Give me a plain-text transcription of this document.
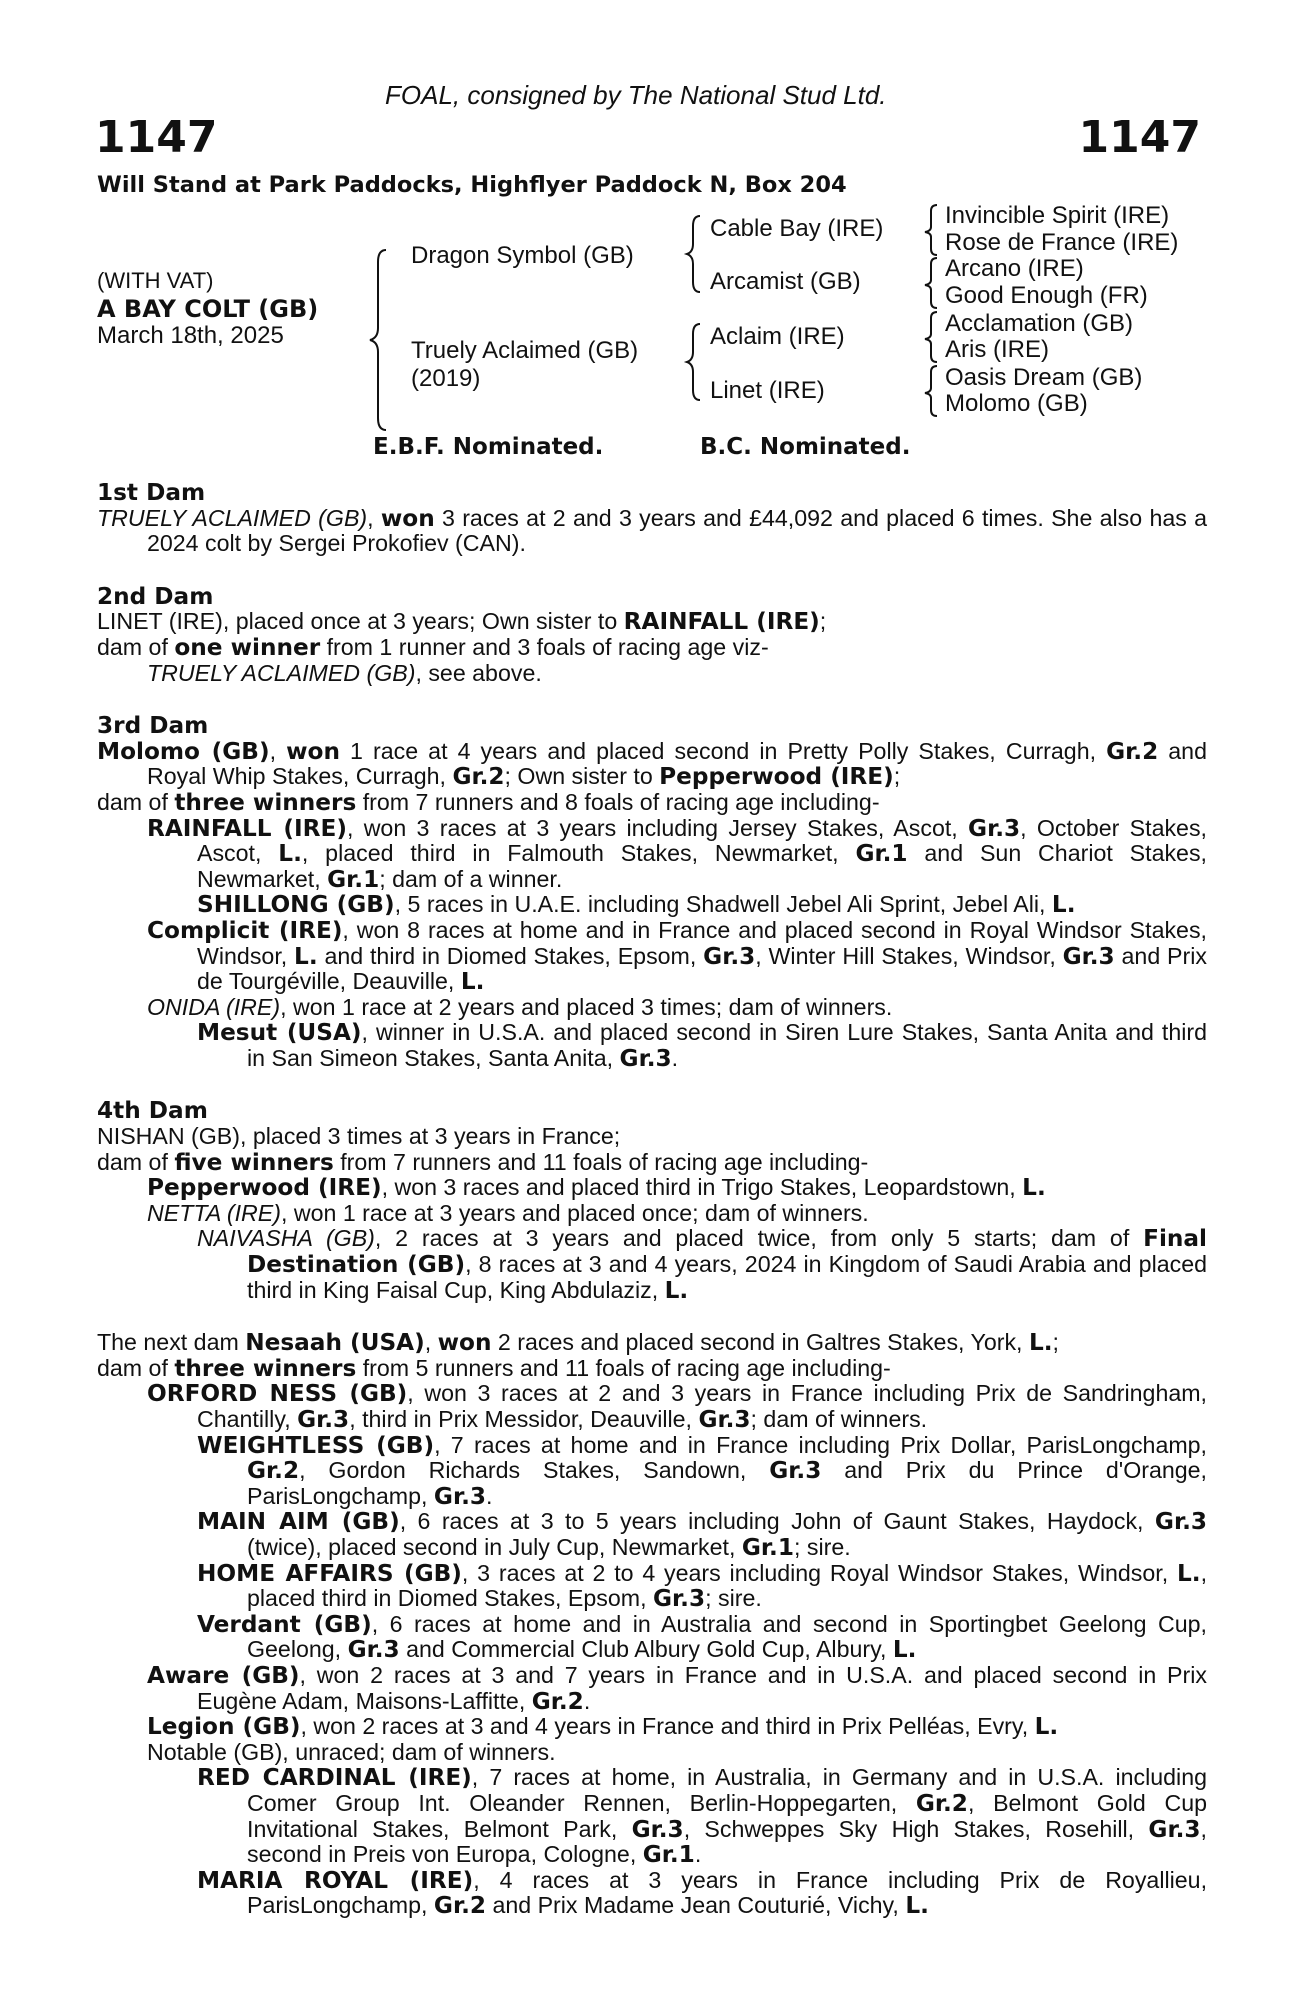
FOAL, consigned by The National Stud Ltd.
1147	1147
Will Stand at Park Paddocks, Highflyer Paddock N, Box 204
(WITH VAT)
A BAY COLT (GB)
March 18th, 2025
Dragon Symbol (GB)
Truely Aclaimed (GB)
(2019)
Cable Bay (IRE)
Arcamist (GB)
Aclaim (IRE)
Linet (IRE)
Invincible Spirit (IRE)
Rose de France (IRE)
Arcano (IRE)
Good Enough (FR)
Acclamation (GB)
Aris (IRE)
Oasis Dream (GB)
Molomo (GB)
E.B.F. Nominated.	B.C. Nominated.
1st Dam
TRUELY ACLAIMED (GB), won 3 races at 2 and 3 years and £44,092 and placed 6 times. She also has a 2024 colt by Sergei Prokofiev (CAN).
2nd Dam
LINET (IRE), placed once at 3 years; Own sister to RAINFALL (IRE);
dam of one winner from 1 runner and 3 foals of racing age viz-
TRUELY ACLAIMED (GB), see above.
3rd Dam
Molomo (GB), won 1 race at 4 years and placed second in Pretty Polly Stakes, Curragh, Gr.2 and Royal Whip Stakes, Curragh, Gr.2; Own sister to Pepperwood (IRE);
dam of three winners from 7 runners and 8 foals of racing age including-
RAINFALL (IRE), won 3 races at 3 years including Jersey Stakes, Ascot, Gr.3, October Stakes, Ascot, L., placed third in Falmouth Stakes, Newmarket, Gr.1 and Sun Chariot Stakes, Newmarket, Gr.1; dam of a winner.
SHILLONG (GB), 5 races in U.A.E. including Shadwell Jebel Ali Sprint, Jebel Ali, L.
Complicit (IRE), won 8 races at home and in France and placed second in Royal Windsor Stakes, Windsor, L. and third in Diomed Stakes, Epsom, Gr.3, Winter Hill Stakes, Windsor, Gr.3 and Prix de Tourgéville, Deauville, L.
ONIDA (IRE), won 1 race at 2 years and placed 3 times; dam of winners.
Mesut (USA), winner in U.S.A. and placed second in Siren Lure Stakes, Santa Anita and third in San Simeon Stakes, Santa Anita, Gr.3.
4th Dam
NISHAN (GB), placed 3 times at 3 years in France;
dam of five winners from 7 runners and 11 foals of racing age including-
Pepperwood (IRE), won 3 races and placed third in Trigo Stakes, Leopardstown, L.
NETTA (IRE), won 1 race at 3 years and placed once; dam of winners.
NAIVASHA (GB), 2 races at 3 years and placed twice, from only 5 starts; dam of Final Destination (GB), 8 races at 3 and 4 years, 2024 in Kingdom of Saudi Arabia and placed third in King Faisal Cup, King Abdulaziz, L.
The next dam Nesaah (USA), won 2 races and placed second in Galtres Stakes, York, L.;
dam of three winners from 5 runners and 11 foals of racing age including-
ORFORD NESS (GB), won 3 races at 2 and 3 years in France including Prix de Sandringham, Chantilly, Gr.3, third in Prix Messidor, Deauville, Gr.3; dam of winners.
WEIGHTLESS (GB), 7 races at home and in France including Prix Dollar, ParisLongchamp, Gr.2, Gordon Richards Stakes, Sandown, Gr.3 and Prix du Prince d'Orange, ParisLongchamp, Gr.3.
MAIN AIM (GB), 6 races at 3 to 5 years including John of Gaunt Stakes, Haydock, Gr.3 (twice), placed second in July Cup, Newmarket, Gr.1; sire.
HOME AFFAIRS (GB), 3 races at 2 to 4 years including Royal Windsor Stakes, Windsor, L., placed third in Diomed Stakes, Epsom, Gr.3; sire.
Verdant (GB), 6 races at home and in Australia and second in Sportingbet Geelong Cup, Geelong, Gr.3 and Commercial Club Albury Gold Cup, Albury, L.
Aware (GB), won 2 races at 3 and 7 years in France and in U.S.A. and placed second in Prix Eugène Adam, Maisons-Laffitte, Gr.2.
Legion (GB), won 2 races at 3 and 4 years in France and third in Prix Pelléas, Evry, L.
Notable (GB), unraced; dam of winners.
RED CARDINAL (IRE), 7 races at home, in Australia, in Germany and in U.S.A. including Comer Group Int. Oleander Rennen, Berlin-Hoppegarten, Gr.2, Belmont Gold Cup Invitational Stakes, Belmont Park, Gr.3, Schweppes Sky High Stakes, Rosehill, Gr.3, second in Preis von Europa, Cologne, Gr.1.
MARIA ROYAL (IRE), 4 races at 3 years in France including Prix de Royallieu, ParisLongchamp, Gr.2 and Prix Madame Jean Couturié, Vichy, L.
